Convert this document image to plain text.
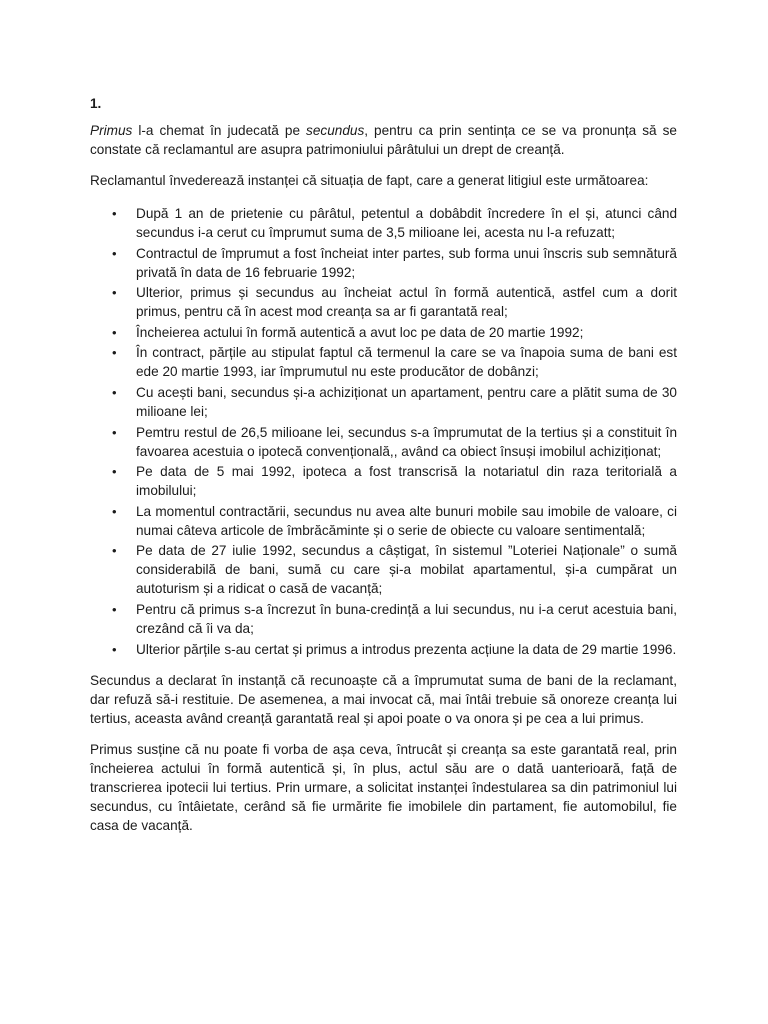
1.

Primus l-a chemat în judecată pe secundus, pentru ca prin sentința ce se va pronunța să se constate că reclamantul are asupra patrimoniului pârâtului un drept de creanță.

Reclamantul învederează instanței că situația de fapt, care a generat litigiul este următoarea:

• După 1 an de prietenie cu pârâtul, petentul a dobâbdit încredere în el și, atunci când secundus i-a cerut cu împrumut suma de 3,5 milioane lei, acesta nu l-a refuzatt;
• Contractul de împrumut a fost încheiat inter partes, sub forma unui înscris sub semnătură privată în data de 16 februarie 1992;
• Ulterior, primus și secundus au încheiat actul în formă autentică, astfel cum a dorit primus, pentru că în acest mod creanța sa ar fi garantată real;
• Încheierea actului în formă autentică a avut loc pe data de 20 martie 1992;
• În contract, părțile au stipulat faptul că termenul la care se va înapoia suma de bani est ede 20 martie 1993, iar împrumutul nu este producător de dobânzi;
• Cu acești bani, secundus și-a achiziționat un apartament, pentru care a plătit suma de 30 milioane lei;
• Pemtru restul de 26,5 milioane lei, secundus s-a împrumutat de la tertius și a constituit în favoarea acestuia o ipotecă convențională,, având ca obiect însuși imobilul achiziționat;
• Pe data de 5 mai 1992, ipoteca a fost transcrisă la notariatul din raza teritorială a imobilului;
• La momentul contractării, secundus nu avea alte bunuri mobile sau imobile de valoare, ci numai câteva articole de îmbrăcăminte și o serie de obiecte cu valoare sentimentală;
• Pe data de 27 iulie 1992, secundus a câștigat, în sistemul ”Loteriei Naționale” o sumă considerabilă de bani, sumă cu care și-a mobilat apartamentul, și-a cumpărat un autoturism și a ridicat o casă de vacanță;
• Pentru că primus s-a încrezut în buna-credință a lui secundus, nu i-a cerut acestuia bani, crezând că îi va da;
• Ulterior părțile s-au certat și primus a introdus prezenta acțiune la data de 29 martie 1996.

Secundus a declarat în instanță că recunoaște că a împrumutat suma de bani de la reclamant, dar refuză să-i restituie. De asemenea, a mai invocat că, mai întâi trebuie să onoreze creanța lui tertius, aceasta având creanță garantată real și apoi poate o va onora și pe cea a lui primus.

Primus susține că nu poate fi vorba de așa ceva, întrucât și creanța sa este garantată real, prin încheierea actului în formă autentică și, în plus, actul său are o dată uanterioară, față de transcrierea ipotecii lui tertius. Prin urmare, a solicitat instanței îndestularea sa din patrimoniul lui secundus, cu întâietate, cerând să fie urmărite fie imobilele din partament, fie automobilul, fie casa de vacanță.
